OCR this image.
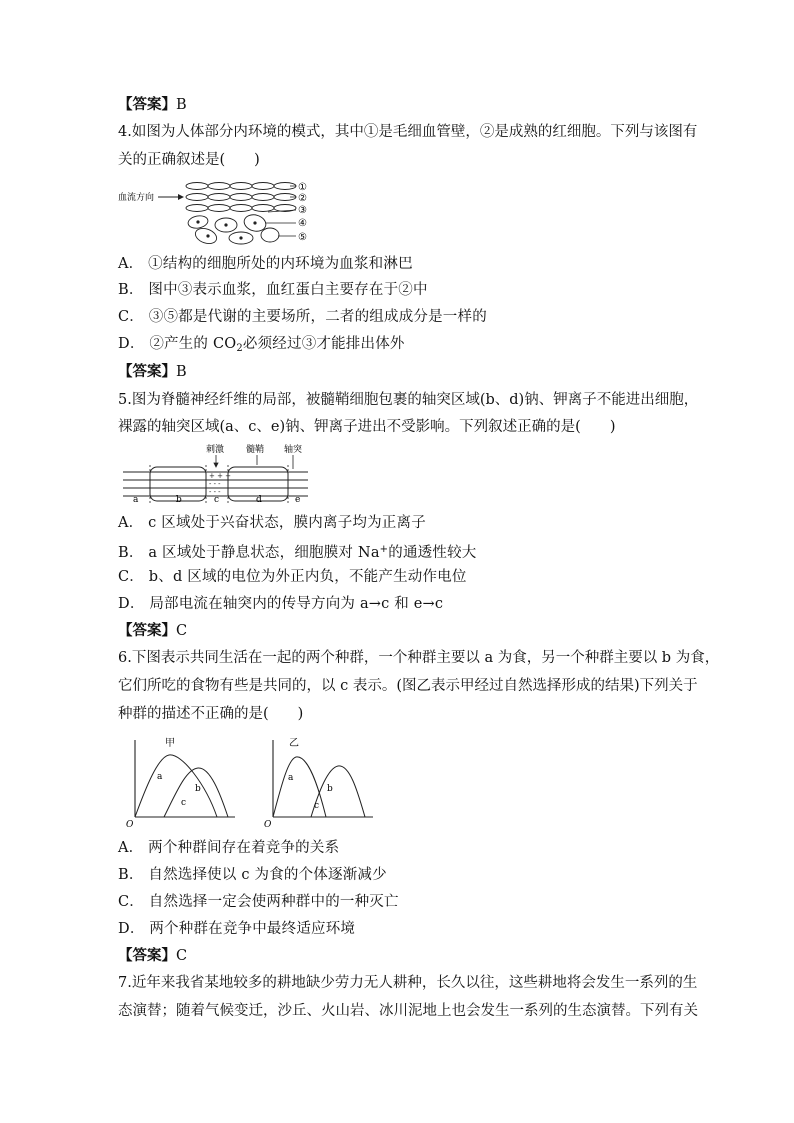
【答案】B
4.如图为人体部分内环境的模式，其中①是毛细血管壁，②是成熟的红细胞。下列与该图有
关的正确叙述是(　　)
血流方向
①
②
③
④
⑤
A． ①结构的细胞所处的内环境为血浆和淋巴
B． 图中③表示血浆，血红蛋白主要存在于②中
C． ③⑤都是代谢的主要场所，二者的组成成分是一样的
D． ②产生的 $CO_2$必须经过③才能排出体外
【答案】B
5.图为脊髓神经纤维的局部，被髓鞘细胞包裹的轴突区域(b、d)钠、钾离子不能进出细胞，
裸露的轴突区域(a、c、e)钠、钾离子进出不受影响。下列叙述正确的是(　　)
刺激 髓鞘 轴突
+ + +
- - -
- - -
a	b	c	d	e
A． c 区域处于兴奋状态，膜内离子均为正离子
B． a 区域处于静息状态，细胞膜对 Na+的通透性较大
C． b、d 区域的电位为外正内负，不能产生动作电位
D． 局部电流在轴突内的传导方向为 a→c 和 e→c
【答案】C
6.下图表示共同生活在一起的两个种群，一个种群主要以 a 为食，另一个种群主要以 b 为食，
它们所吃的食物有些是共同的，以 c 表示。(图乙表示甲经过自然选择形成的结果)下列关于
种群的描述不正确的是(　　)
甲
a
b
c
O
乙
a
b
c
O
A． 两个种群间存在着竞争的关系
B． 自然选择使以 c 为食的个体逐渐减少
C． 自然选择一定会使两种群中的一种灭亡
D． 两个种群在竞争中最终适应环境
【答案】C
7.近年来我省某地较多的耕地缺少劳力无人耕种，长久以往，这些耕地将会发生一系列的生
态演替；随着气候变迁，沙丘、火山岩、冰川泥地上也会发生一系列的生态演替。下列有关
